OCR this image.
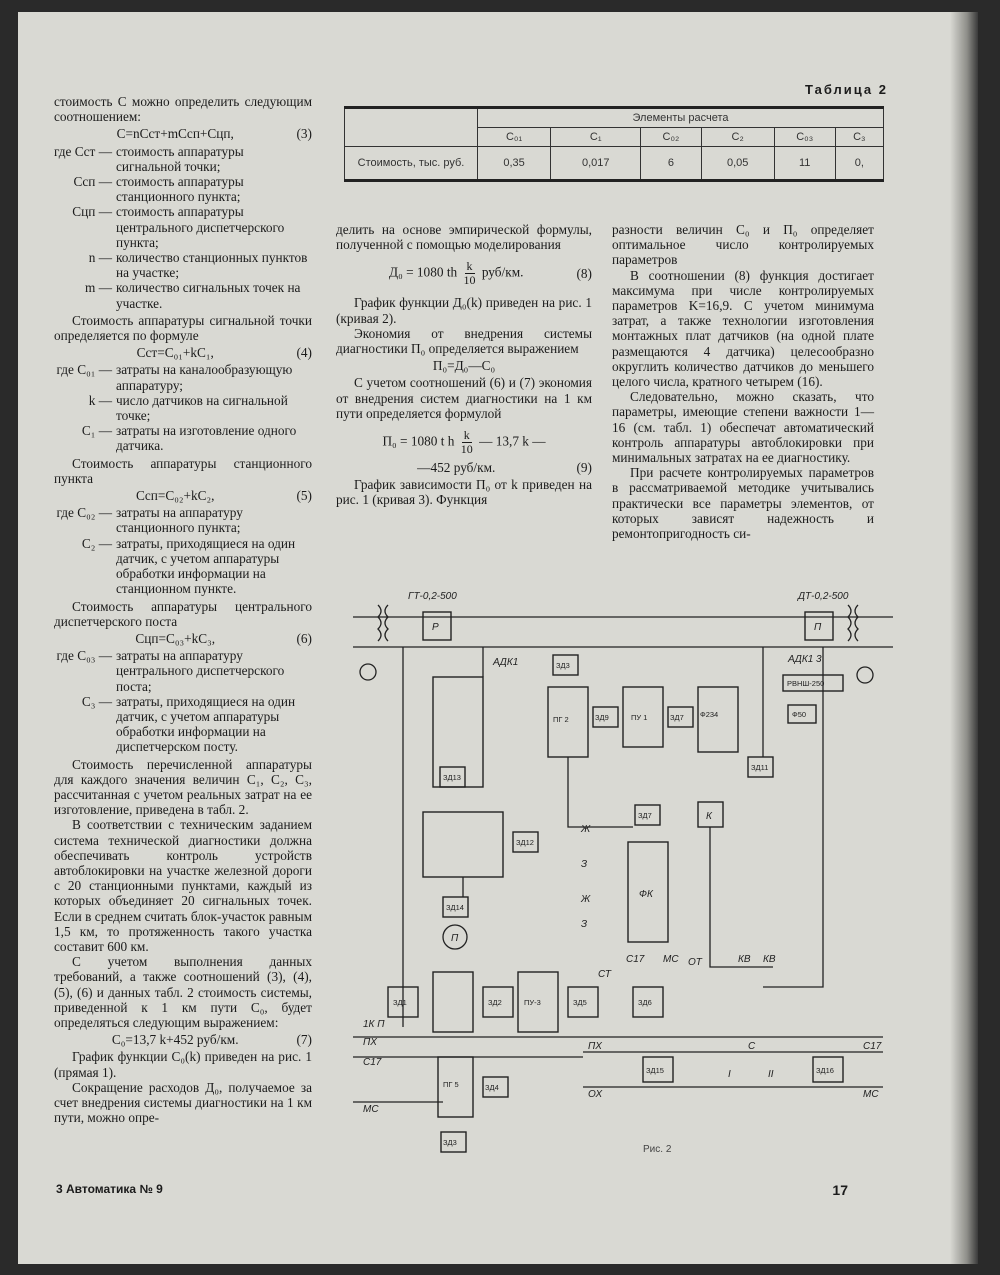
Таблица 2
	Элементы расчета					
	С₀₁	С₁	С₀₂	С₂	С₀₃	С₃
Стоимость, тыс. руб.	0,35	0,017	6	0,05	11	0,

стоимость С можно определить следующим соотношением:

C=nCст+mCсп+Cцп,	(3)
где Cст — стоимость аппаратуры сигнальной точки;
Cсп — стоимость аппаратуры станционного пункта;
Cцп — стоимость аппаратуры центрального диспетчерского пункта;
n — количество станционных пунктов на участке;
m — количество сигнальных точек на участке.

Стоимость аппаратуры сигнальной точки определяется по формуле

Cст=C₀₁+kC₁,	(4)
где C₀₁ — затраты на каналообразующую аппаратуру;
k — число датчиков на сигнальной точке;
C₁ — затраты на изготовление одного датчика.

Стоимость аппаратуры станционного пункта

Cсп=C₀₂+kC₂,	(5)
где C₀₂ — затраты на аппаратуру станционного пункта;
C₂ — затраты, приходящиеся на один датчик, с учетом аппаратуры обработки информации на станционном пункте.

Стоимость аппаратуры центрального диспетчерского поста

Cцп=C₀₃+kC₃,	(6)
где C₀₃ — затраты на аппаратуру центрального диспетчерского поста;
C₃ — затраты, приходящиеся на один датчик, с учетом аппаратуры обработки информации на диспетчерском посту.

Стоимость перечисленной аппаратуры для каждого значения величин C₁, C₂, C₃, рассчитанная с учетом реальных затрат на ее изготовление, приведена в табл. 2.

В соответствии с техническим заданием система технической диагностики должна обеспечивать контроль устройств автоблокировки на участке железной дороги с 20 станционными пунктами, каждый из которых объединяет 20 сигнальных точек. Если в среднем считать блок-участок равным 1,5 км, то протяженность такого участка составит 600 км.

С учетом выполнения данных требований, а также соотношений (3), (4), (5), (6) и данных табл. 2 стоимость системы, приведенной к 1 км пути C₀, будет определяться следующим выражением:

C₀=13,7 k+452 руб/км.	(7)

График функции C₀(k) приведен на рис. 1 (прямая 1).

Сокращение расходов Д₀, получаемое за счет внедрения системы диагностики на 1 км пути, можно опре-

делить на основе эмпирической формулы, полученной с помощью моделирования

Д₀ = 1080 th $\frac{k}{10} руб/км$.	(8)

График функции Д₀(k) приведен на рис. 1 (кривая 2).

Экономия от внедрения системы диагностики П₀ определяется выражением

П₀=Д₀—C₀

С учетом соотношений (6) и (7) экономия от внедрения систем диагностики на 1 км пути определяется формулой

П₀ = 1080 t h $\frac{k}{10}$ — 13,7 k —
—452 руб/км.	(9)

График зависимости П₀ от k приведен на рис. 1 (кривая 3). Функция

разности величин C₀ и П₀ определяет оптимальное число контролируемых параметров

В соотношении (8) функция достигает максимума при числе контролируемых параметров K=16,9. С учетом минимума затрат, а также технологии изготовления монтажных плат датчиков (на одной плате размещаются 4 датчика) целесообразно округлить количество датчиков до меньшего целого числа, кратного четырем (16).

Следовательно, можно сказать, что параметры, имеющие степени важности 1—16 (см. табл. 1) обеспечат автоматический контроль аппаратуры автоблокировки при минимальных затратах на ее диагностику.

При расчете контролируемых параметров в рассматриваемой методике учитывались практически все параметры элементов, от которых зависят надежность и ремонтопригодность си-

ГТ-0,2-500	ДТ-0,2-500
Р	П
АДК1	АДК1 3
РВНШ-250
Ф50
ЗД3
ЗД13
ЗД12
ЗД14
П
ПГ 2	ЗД9	ПУ 1	ЗД7 Ф234
ЗД11
ЗД7	К
ФК
ЗД1	ЗД2	ПУ-3	ЗД5	ЗД6
ПГ 5	ЗД4
ЗД3
ЗД15	ЗД16
1К П
ПХ
С17
МС
СТ
ОТ	КВ КВ
С
ПХ
ОХ
С17
МС
I	II
Ж
З
Ж
З
С17 МС
Рис. 2
3 Автоматика № 9	17
